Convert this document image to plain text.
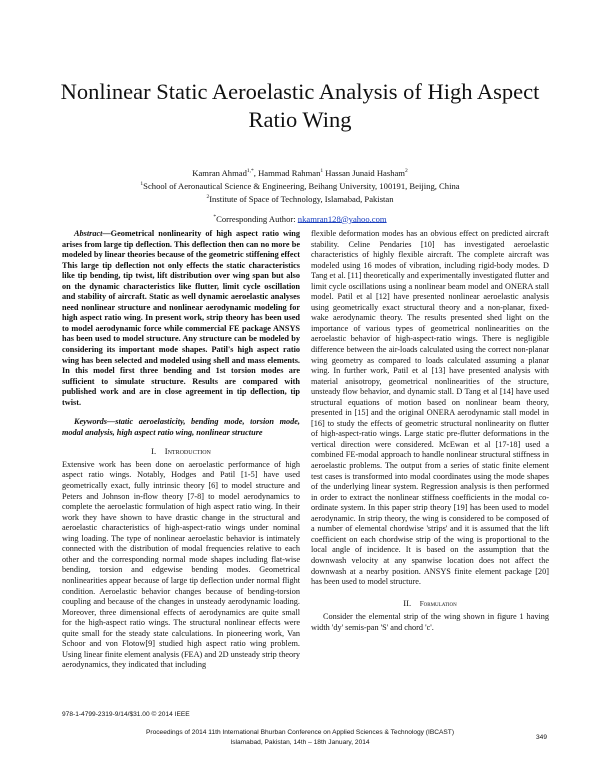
Nonlinear Static Aeroelastic Analysis of High Aspect Ratio Wing
Kamran Ahmad$^{1,*}$, Hammad Rahman$^1$ Hassan Junaid Hasham$^2$
$^1$School of Aeronautical Science & Engineering, Beihang University, 100191, Beijing, China
$^2$Institute of Space of Technology, Islamabad, Pakistan
*Corresponding Author: nkamran128@yahoo.com

Abstract—Geometrical nonlinearity of high aspect ratio wing arises from large tip deflection. This deflection then can no more be modeled by linear theories because of the geometric stiffening effect This large tip deflection not only effects the static characteristics like tip bending, tip twist, lift distribution over wing span but also on the dynamic characteristics like flutter, limit cycle oscillation and stability of aircraft. Static as well dynamic aeroelastic analyses need nonlinear structure and nonlinear aerodynamic modeling for high aspect ratio wing. In present work, strip theory has been used to model aerodynamic force while commercial FE package ANSYS has been used to model structure. Any structure can be modeled by considering its important mode shapes. Patil's high aspect ratio wing has been selected and modeled using shell and mass elements. In this model first three bending and 1st torsion modes are sufficient to simulate structure. Results are compared with published work and are in close agreement in tip deflection, tip twist.

Keywords—static aeroelasticity, bending mode, torsion mode, modal analysis, high aspect ratio wing, nonlinear structure

I. Introduction

Extensive work has been done on aeroelastic performance of high aspect ratio wings. Notably, Hodges and Patil [1-5] have used geometrically exact, fully intrinsic theory [6] to model structure and Peters and Johnson in-flow theory [7-8] to model aerodynamics to complete the aeroelastic formulation of high aspect ratio wing. In their work they have shown to have drastic change in the structural and aeroelastic characteristics of high-aspect-ratio wings under nominal wing loading. The type of nonlinear aeroelastic behavior is intimately connected with the distribution of modal frequencies relative to each other and the corresponding normal mode shapes including flat-wise bending, torsion and edgewise bending modes. Geometrical nonlinearities appear because of large tip deflection under normal flight condition. Aeroelastic behavior changes because of bending-torsion coupling and because of the changes in unsteady aerodynamic loading. Moreover, three dimensional effects of aerodynamics are quite small for the high-aspect ratio wings. The structural nonlinear effects were quite small for the steady state calculations. In pioneering work, Van Schoor and von Flotow[9] studied high aspect ratio wing problem. Using linear finite element analysis (FEA) and 2D unsteady strip theory aerodynamics, they indicated that including

flexible deformation modes has an obvious effect on predicted aircraft stability. Celine Pendaries [10] has investigated aeroelastic characteristics of highly flexible aircraft. The complete aircraft was modeled using 16 modes of vibration, including rigid-body modes. D Tang et al. [11] theoretically and experimentally investigated flutter and limit cycle oscillations using a nonlinear beam model and ONERA stall model. Patil et al [12] have presented nonlinear aeroelastic analysis using geometrically exact structural theory and a non-planar, fixed-wake aerodynamic theory. The results presented shed light on the importance of various types of geometrical nonlinearities on the aeroelastic behavior of high-aspect-ratio wings. There is negligible difference between the air-loads calculated using the correct non-planar wing geometry as compared to loads calculated assuming a planar wing. In further work, Patil et al [13] have presented analysis with material anisotropy, geometrical nonlinearities of the structure, unsteady flow behavior, and dynamic stall. D Tang et al [14] have used structural equations of motion based on nonlinear beam theory, presented in [15] and the original ONERA aerodynamic stall model in [16] to study the effects of geometric structural nonlinearity on flutter of high-aspect-ratio wings. Large static pre-flutter deformations in the vertical direction were considered. McEwan et al [17-18] used a combined FE-modal approach to handle nonlinear structural stiffness in aeroelastic problems. The output from a series of static finite element test cases is transformed into modal coordinates using the mode shapes of the underlying linear system. Regression analysis is then performed in order to extract the nonlinear stiffness coefficients in the modal co-ordinate system. In this paper strip theory [19] has been used to model aerodynamic. In strip theory, the wing is considered to be composed of a number of elemental chordwise 'strips' and it is assumed that the lift coefficient on each chordwise strip of the wing is proportional to the local angle of incidence. It is based on the assumption that the downwash velocity at any spanwise location does not affect the downwash at a nearby position. ANSYS finite element package [20] has been used to model structure.

II. Formulation

Consider the elemental strip of the wing shown in figure 1 having width 'dy' semis-pan 'S' and chord 'c'.

978-1-4799-2319-9/14/$31.00 © 2014 IEEE
Proceedings of 2014 11th International Bhurban Conference on Applied Sciences & Technology (IBCAST)
Islamabad, Pakistan, 14th – 18th January, 2014
349
